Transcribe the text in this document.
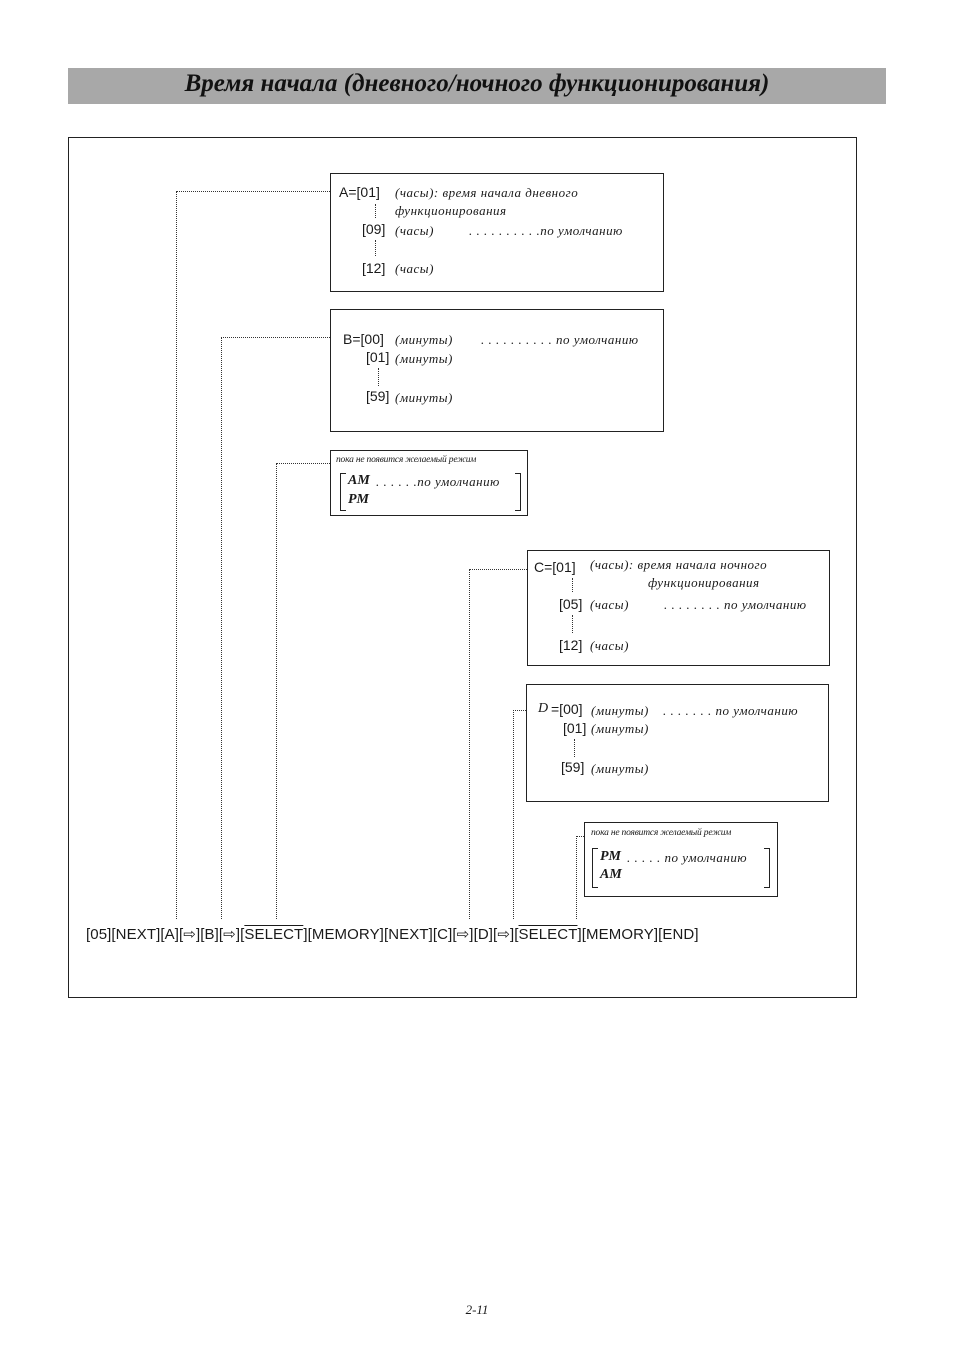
Время начала (дневного/ночного функционирования)
A=[01] (часы): время начала дневного
функционирования
[09] (часы)	. . . . . . . . . .по умолчанию
[12] (часы)
B=[00] (минуты) . . . . . . . . . . по умолчанию
[01] (минуты)
[59] (минуты)
пока не появится желаемый режим
AM . . . . . .по умолчанию
PM
C=[01] (часы): время начала ночного
функционирования
[05] (часы)	. . . . . . . . по умолчанию
[12] (часы)
D =[00] (минуты) . . . . . . . по умолчанию
[01] (минуты)
[59] (минуты)
пока не появится желаемый режим
PM . . . . . по умолчанию
AM
[05][NEXT][A][⇨][B][⇨][SELECT][MEMORY][NEXT][C][⇨][D][⇨][SELECT][MEMORY][END]
2-11
